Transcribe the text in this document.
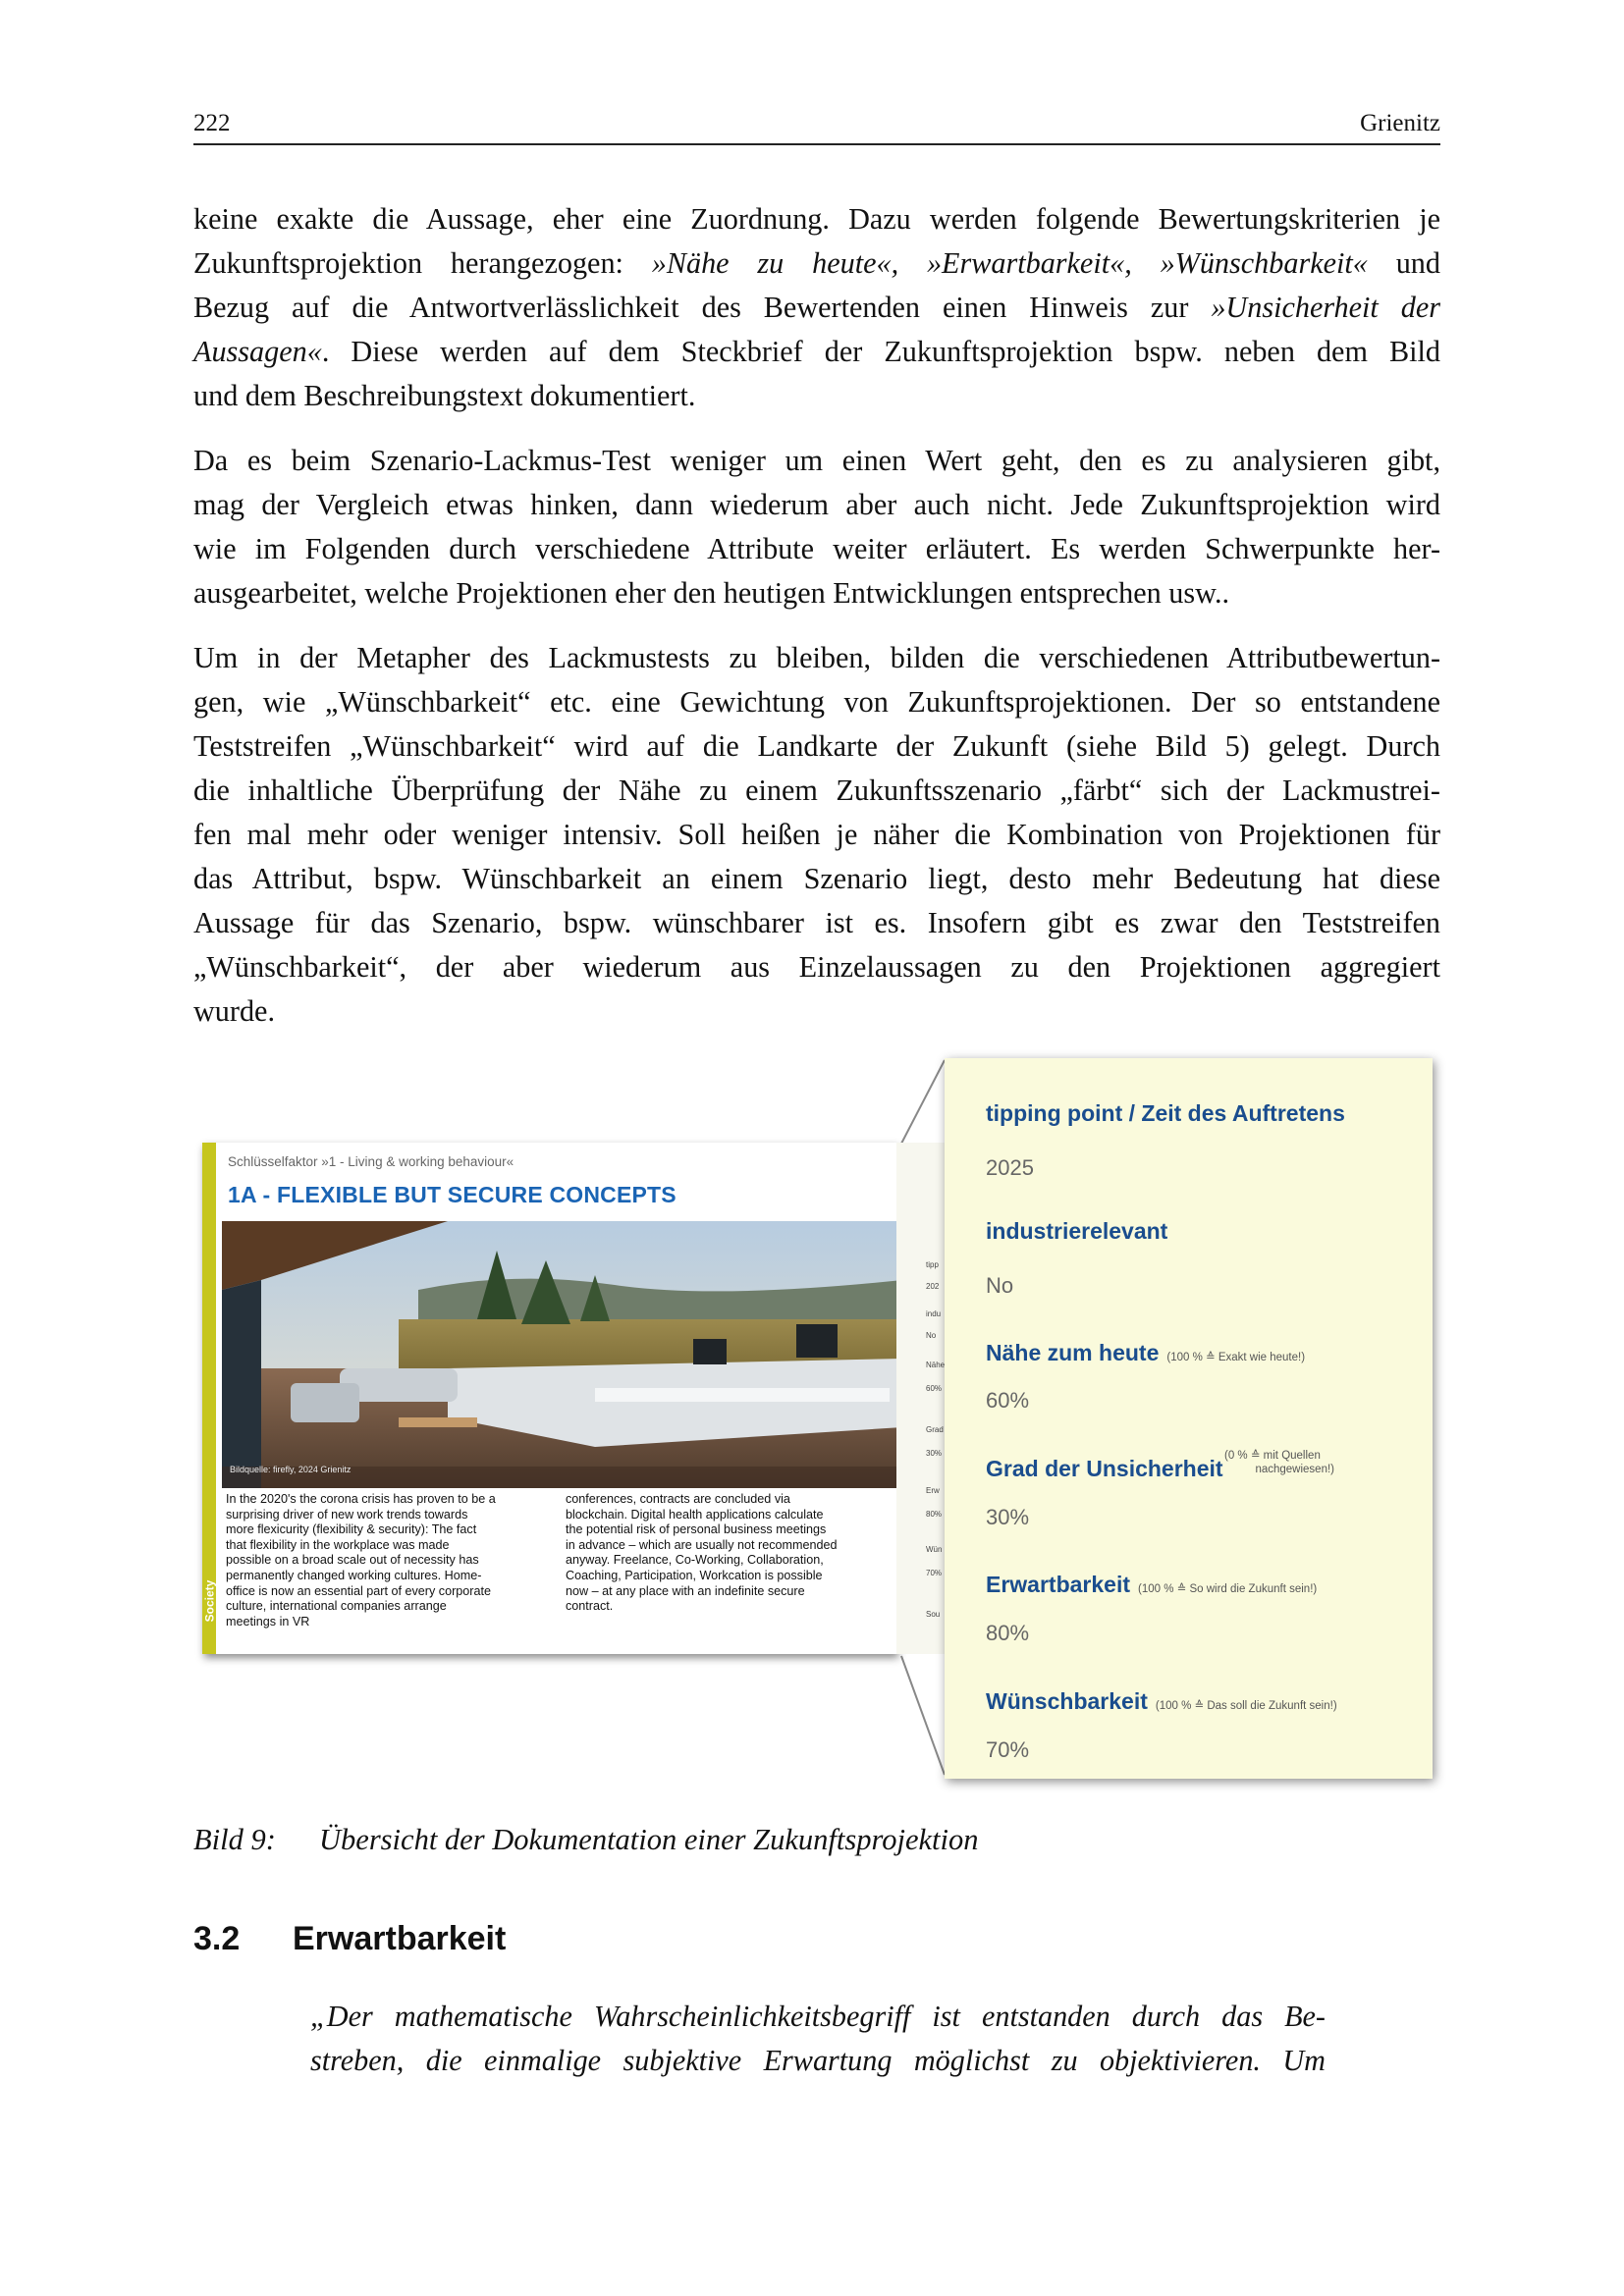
222	Grienitz
keine exakte die Aussage, eher eine Zuordnung. Dazu werden folgende Bewertungskriterien je
Zukunftsprojektion herangezogen: »Nähe zu heute«, »Erwartbarkeit«, »Wünschbarkeit« und
Bezug auf die Antwortverlässlichkeit des Bewertenden einen Hinweis zur »Unsicherheit der
Aussagen«. Diese werden auf dem Steckbrief der Zukunftsprojektion bspw. neben dem Bild
und dem Beschreibungstext dokumentiert.
Da es beim Szenario-Lackmus-Test weniger um einen Wert geht, den es zu analysieren gibt,
mag der Vergleich etwas hinken, dann wiederum aber auch nicht. Jede Zukunftsprojektion wird
wie im Folgenden durch verschiedene Attribute weiter erläutert. Es werden Schwerpunkte her-
ausgearbeitet, welche Projektionen eher den heutigen Entwicklungen entsprechen usw..
Um in der Metapher des Lackmustests zu bleiben, bilden die verschiedenen Attributbewertun-
gen, wie „Wünschbarkeit“ etc. eine Gewichtung von Zukunftsprojektionen. Der so entstandene
Teststreifen „Wünschbarkeit“ wird auf die Landkarte der Zukunft (siehe Bild 5) gelegt. Durch
die inhaltliche Überprüfung der Nähe zu einem Zukunftsszenario „färbt“ sich der Lackmustrei-
fen mal mehr oder weniger intensiv. Soll heißen je näher die Kombination von Projektionen für
das Attribut, bspw. Wünschbarkeit an einem Szenario liegt, desto mehr Bedeutung hat diese
Aussage für das Szenario, bspw. wünschbarer ist es. Insofern gibt es zwar den Teststreifen
„Wünschbarkeit“, der aber wiederum aus Einzelaussagen zu den Projektionen aggregiert
wurde.
Society
Schlüsselfaktor »1 - Living & working behaviour«
1A - FLEXIBLE BUT SECURE CONCEPTS
Bildquelle: firefly, 2024 Grienitz
In the 2020's the corona crisis has proven to be a
surprising driver of new work trends towards
more flexicurity (flexibility & security): The fact
that flexibility in the workplace was made
possible on a broad scale out of necessity has
permanently changed working cultures. Home-
office is now an essential part of every corporate
culture, international companies arrange
meetings in VR
conferences, contracts are concluded via
blockchain. Digital health applications calculate
the potential risk of personal business meetings
in advance – which are usually not recommended
anyway. Freelance, Co-Working, Collaboration,
Coaching, Participation, Workcation is possible
now – at any place with an indefinite secure
contract.
tipp
202
indu
No
Nähe
60%
Grad
30%
Erw
80%
Wün
70%
Sou
tipping point / Zeit des Auftretens
2025
industrierelevant
No
Nähe zum heute (100 % ≙ Exakt wie heute!)
60%
Grad der Unsicherheit (0 % ≙ mit Quellen
nachgewiesen!)
30%
Erwartbarkeit (100 % ≙ So wird die Zukunft sein!)
80%
Wünschbarkeit (100 % ≙ Das soll die Zukunft sein!)
70%
Bild 9: Übersicht der Dokumentation einer Zukunftsprojektion
3.2 Erwartbarkeit
„Der mathematische Wahrscheinlichkeitsbegriff ist entstanden durch das Be-
streben, die einmalige subjektive Erwartung möglichst zu objektivieren. Um
